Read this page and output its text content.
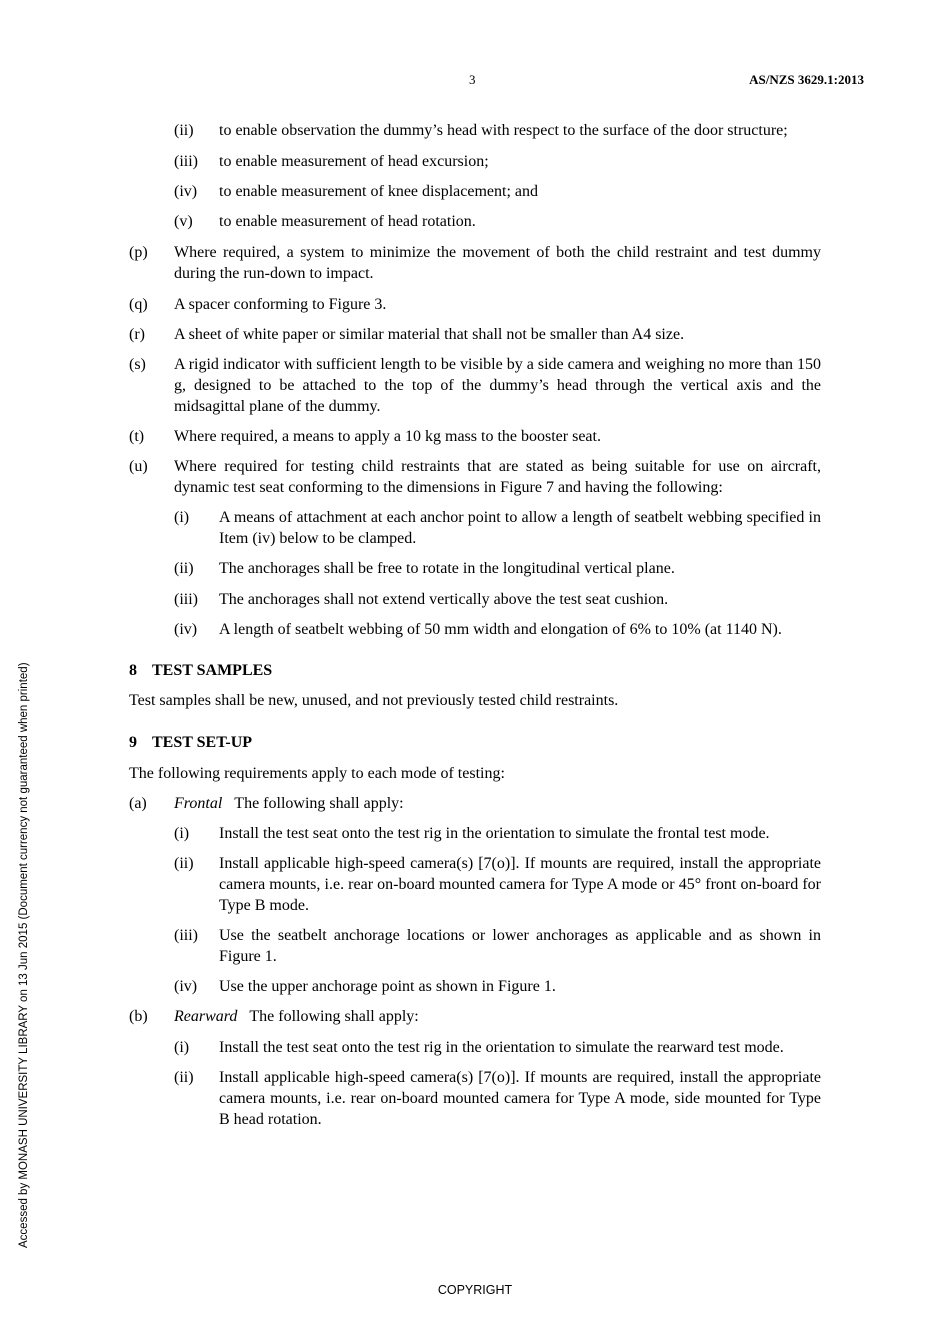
3	AS/NZS 3629.1:2013
Accessed by MONASH UNIVERSITY LIBRARY on 13 Jun 2015 (Document currency not guaranteed when printed)
(ii)	to enable observation the dummy’s head with respect to the surface of the door structure;
(iii)	to enable measurement of head excursion;
(iv)	to enable measurement of knee displacement; and
(v)	to enable measurement of head rotation.
(p)	Where required, a system to minimize the movement of both the child restraint and test dummy during the run-down to impact.
(q)	A spacer conforming to Figure 3.
(r)	A sheet of white paper or similar material that shall not be smaller than A4 size.
(s)	A rigid indicator with sufficient length to be visible by a side camera and weighing no more than 150 g, designed to be attached to the top of the dummy’s head through the vertical axis and the midsagittal plane of the dummy.
(t)	Where required, a means to apply a 10 kg mass to the booster seat.
(u)	Where required for testing child restraints that are stated as being suitable for use on aircraft, dynamic test seat conforming to the dimensions in Figure 7 and having the following:
(i)	A means of attachment at each anchor point to allow a length of seatbelt webbing specified in Item (iv) below to be clamped.
(ii)	The anchorages shall be free to rotate in the longitudinal vertical plane.
(iii)	The anchorages shall not extend vertically above the test seat cushion.
(iv)	A length of seatbelt webbing of 50 mm width and elongation of 6% to 10% (at 1140 N).
8 TEST SAMPLES
Test samples shall be new, unused, and not previously tested child restraints.
9 TEST SET-UP
The following requirements apply to each mode of testing:
(a)	Frontal The following shall apply:
(i)	Install the test seat onto the test rig in the orientation to simulate the frontal test mode.
(ii)	Install applicable high-speed camera(s) [7(o)]. If mounts are required, install the appropriate camera mounts, i.e. rear on-board mounted camera for Type A mode or 45° front on-board for Type B mode.
(iii)	Use the seatbelt anchorage locations or lower anchorages as applicable and as shown in Figure 1.
(iv)	Use the upper anchorage point as shown in Figure 1.
(b)	Rearward The following shall apply:
(i)	Install the test seat onto the test rig in the orientation to simulate the rearward test mode.
(ii)	Install applicable high-speed camera(s) [7(o)]. If mounts are required, install the appropriate camera mounts, i.e. rear on-board mounted camera for Type A mode, side mounted for Type B head rotation.
COPYRIGHT
